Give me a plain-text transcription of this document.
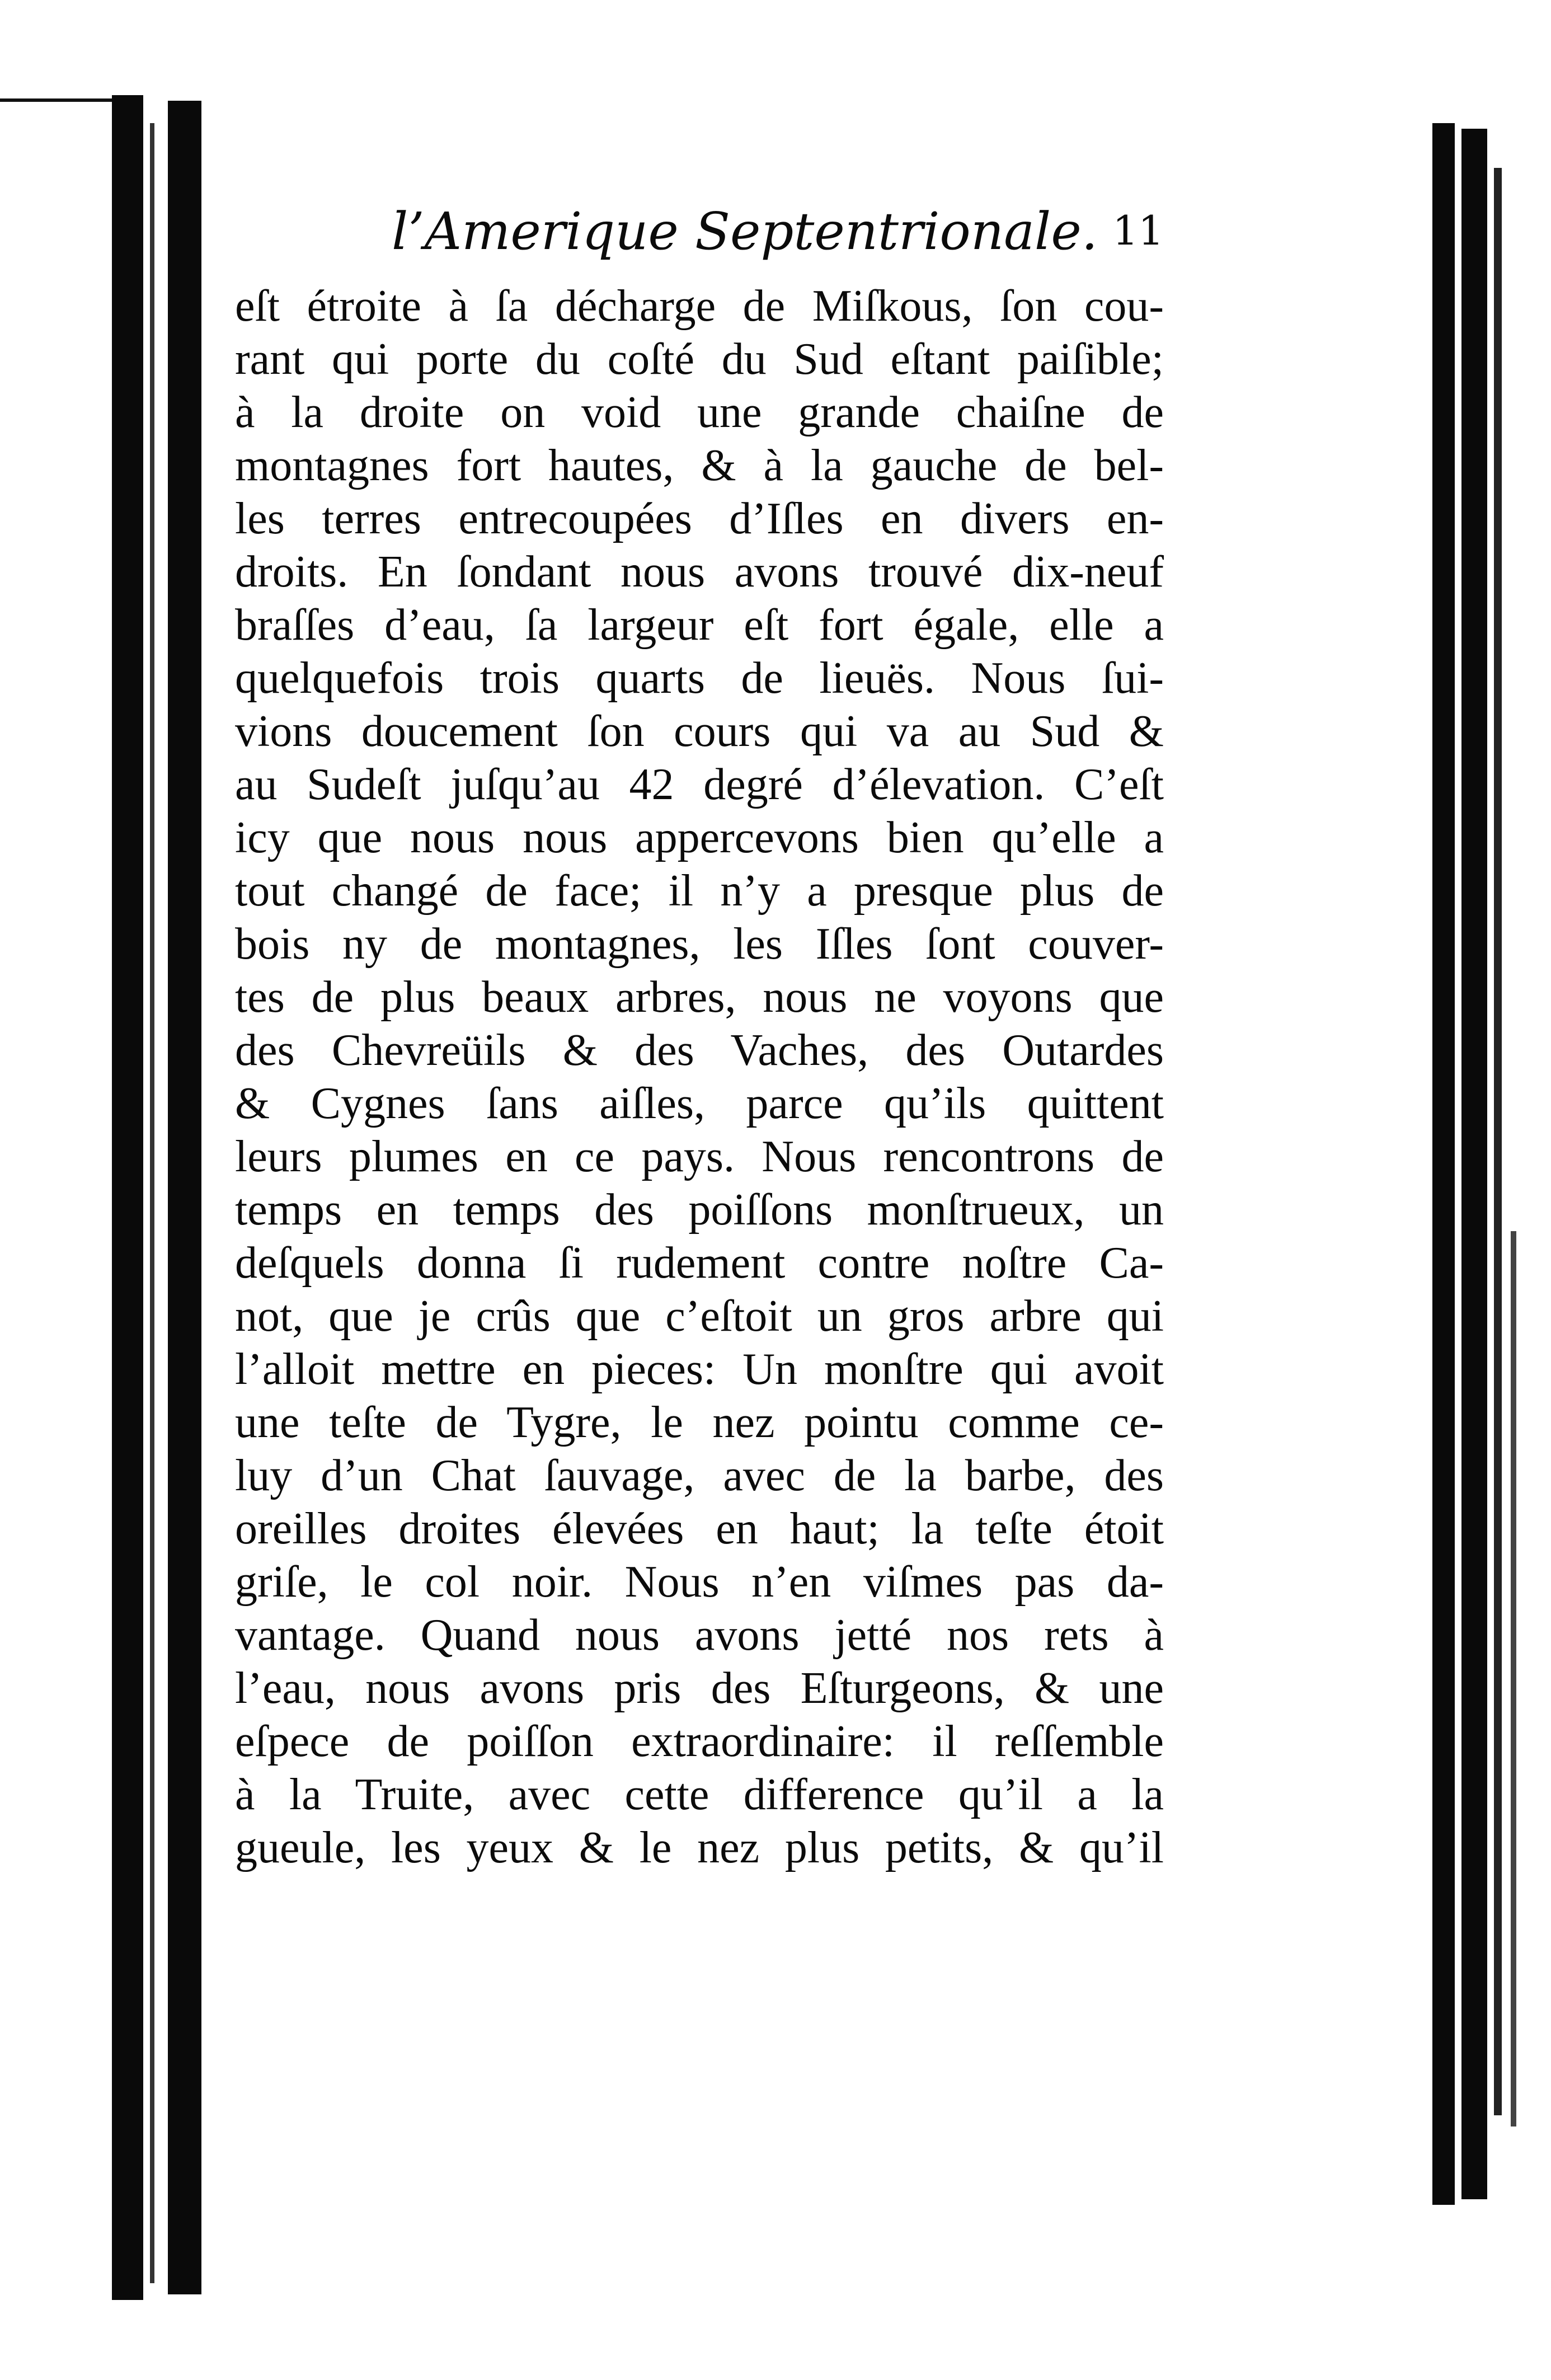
l’Amerique Septentrionale. 11
eſt étroite à ſa décharge de Miſkous, ſon cou-
rant qui porte du coſté du Sud eſtant paiſible;
à la droite on void une grande chaiſne de
montagnes fort hautes, & à la gauche de bel-
les terres entrecoupées d’Iſles en divers en-
droits. En ſondant nous avons trouvé dix-neuf
braſſes d’eau, ſa largeur eſt fort égale, elle a
quelquefois trois quarts de lieuës. Nous ſui-
vions doucement ſon cours qui va au Sud &
au Sudeſt juſqu’au 42 degré d’élevation. C’eſt
icy que nous nous appercevons bien qu’elle a
tout changé de face; il n’y a presque plus de
bois ny de montagnes, les Iſles ſont couver-
tes de plus beaux arbres, nous ne voyons que
des Chevreüils & des Vaches, des Outardes
& Cygnes ſans aiſles, parce qu’ils quittent
leurs plumes en ce pays. Nous rencontrons de
temps en temps des poiſſons monſtrueux, un
deſquels donna ſi rudement contre noſtre Ca-
not, que je crûs que c’eſtoit un gros arbre qui
l’alloit mettre en pieces: Un monſtre qui avoit
une teſte de Tygre, le nez pointu comme ce-
luy d’un Chat ſauvage, avec de la barbe, des
oreilles droites élevées en haut; la teſte étoit
griſe, le col noir. Nous n’en viſmes pas da-
vantage. Quand nous avons jetté nos rets à
l’eau, nous avons pris des Eſturgeons, & une
eſpece de poiſſon extraordinaire: il reſſemble
à la Truite, avec cette difference qu’il a la
gueule, les yeux & le nez plus petits, & qu’il
